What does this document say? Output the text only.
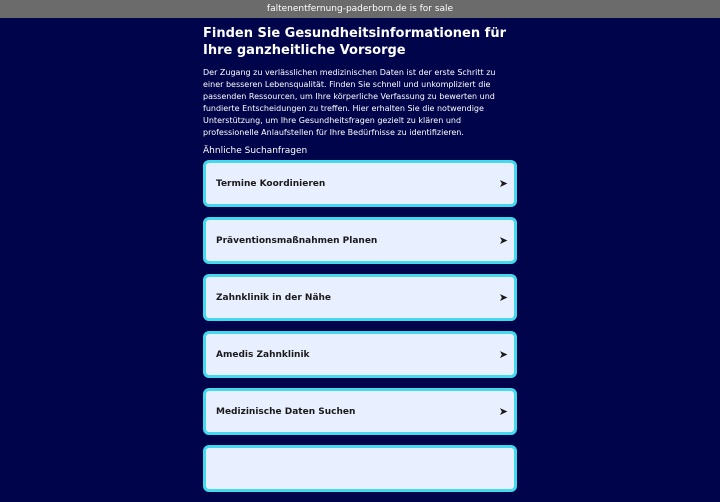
faltenentfernung-paderborn.de is for sale
Finden Sie Gesundheitsinformationen für Ihre ganzheitliche Vorsorge

Der Zugang zu verlässlichen medizinischen Daten ist der erste Schritt zu einer besseren Lebensqualität. Finden Sie schnell und unkompliziert die passenden Ressourcen, um Ihre körperliche Verfassung zu bewerten und fundierte Entscheidungen zu treffen. Hier erhalten Sie die notwendige Unterstützung, um Ihre Gesundheitsfragen gezielt zu klären und professionelle Anlaufstellen für Ihre Bedürfnisse zu identifizieren.

Ähnliche Suchanfragen
Termine Koordinieren	➤
Präventionsmaßnahmen Planen	➤
Zahnklinik in der Nähe	➤
Amedis Zahnklinik	➤
Medizinische Daten Suchen	➤
